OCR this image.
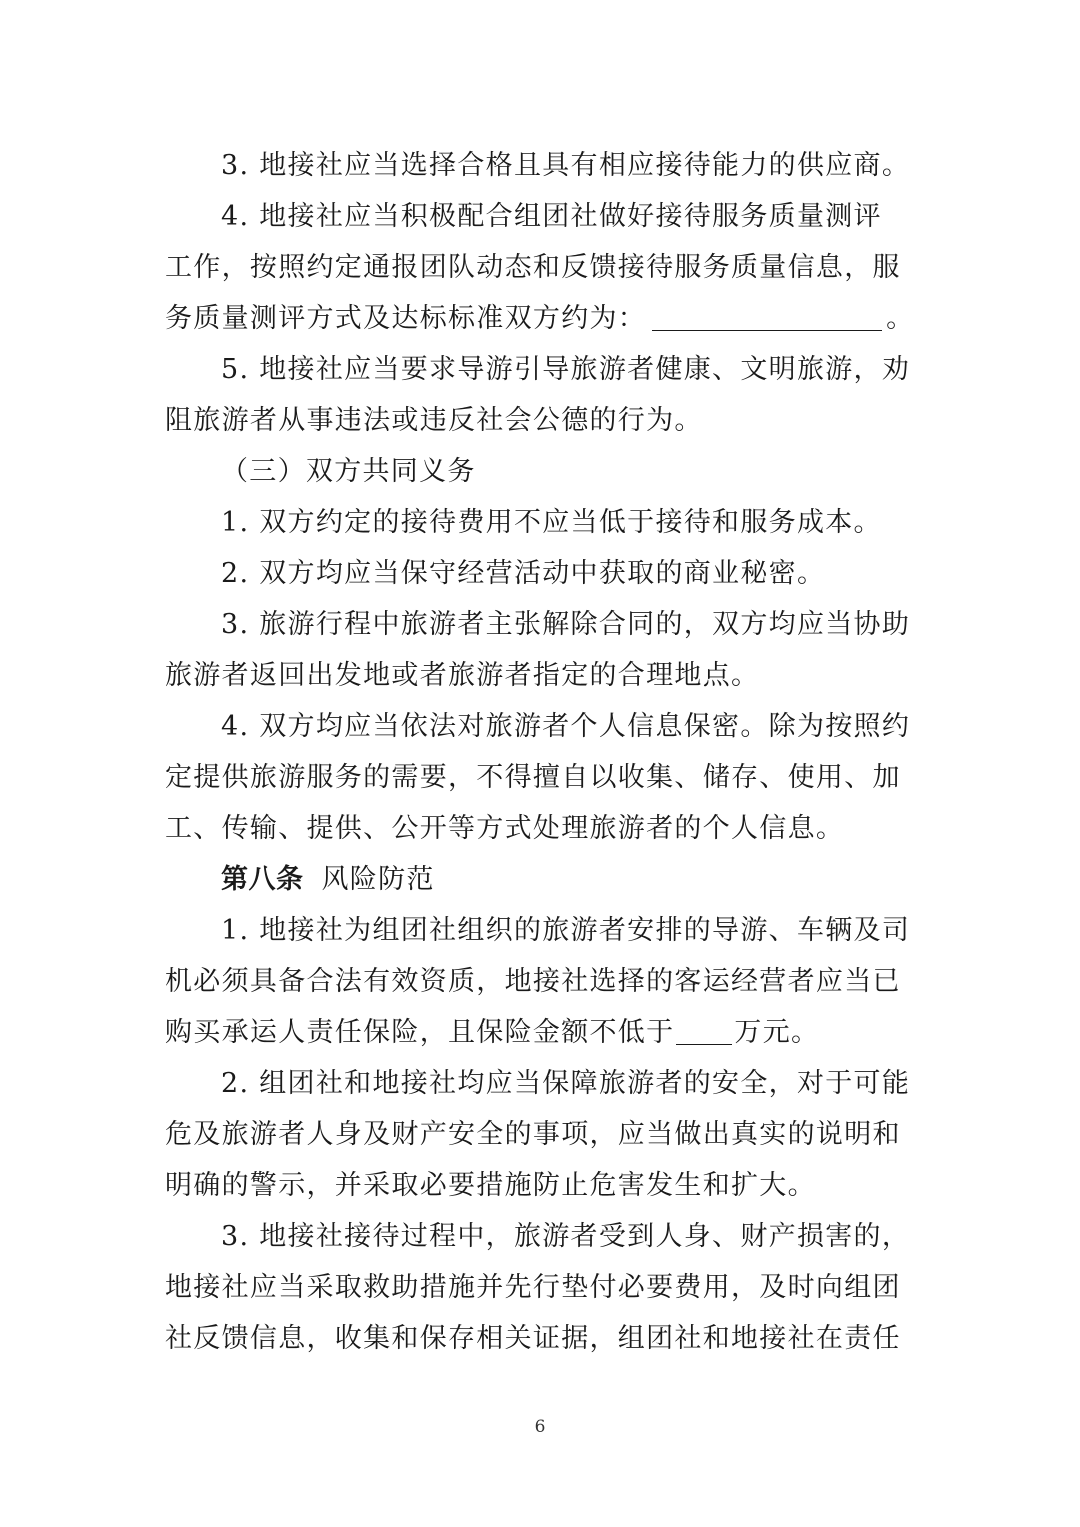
3. 地接社应当选择合格且具有相应接待能力的供应商。
4. 地接社应当积极配合组团社做好接待服务质量测评
工作，按照约定通报团队动态和反馈接待服务质量信息，服
务质量测评方式及达标标准双方约为：	。
5. 地接社应当要求导游引导旅游者健康、文明旅游，劝
阻旅游者从事违法或违反社会公德的行为。
（三）双方共同义务
1. 双方约定的接待费用不应当低于接待和服务成本。
2. 双方均应当保守经营活动中获取的商业秘密。
3. 旅游行程中旅游者主张解除合同的，双方均应当协助
旅游者返回出发地或者旅游者指定的合理地点。
4. 双方均应当依法对旅游者个人信息保密。除为按照约
定提供旅游服务的需要，不得擅自以收集、储存、使用、加
工、传输、提供、公开等方式处理旅游者的个人信息。
第八条 风险防范
1. 地接社为组团社组织的旅游者安排的导游、车辆及司
机必须具备合法有效资质，地接社选择的客运经营者应当已
购买承运人责任保险，且保险金额不低于 万元。
2. 组团社和地接社均应当保障旅游者的安全，对于可能
危及旅游者人身及财产安全的事项，应当做出真实的说明和
明确的警示，并采取必要措施防止危害发生和扩大。
3. 地接社接待过程中，旅游者受到人身、财产损害的，
地接社应当采取救助措施并先行垫付必要费用，及时向组团
社反馈信息，收集和保存相关证据，组团社和地接社在责任
6
